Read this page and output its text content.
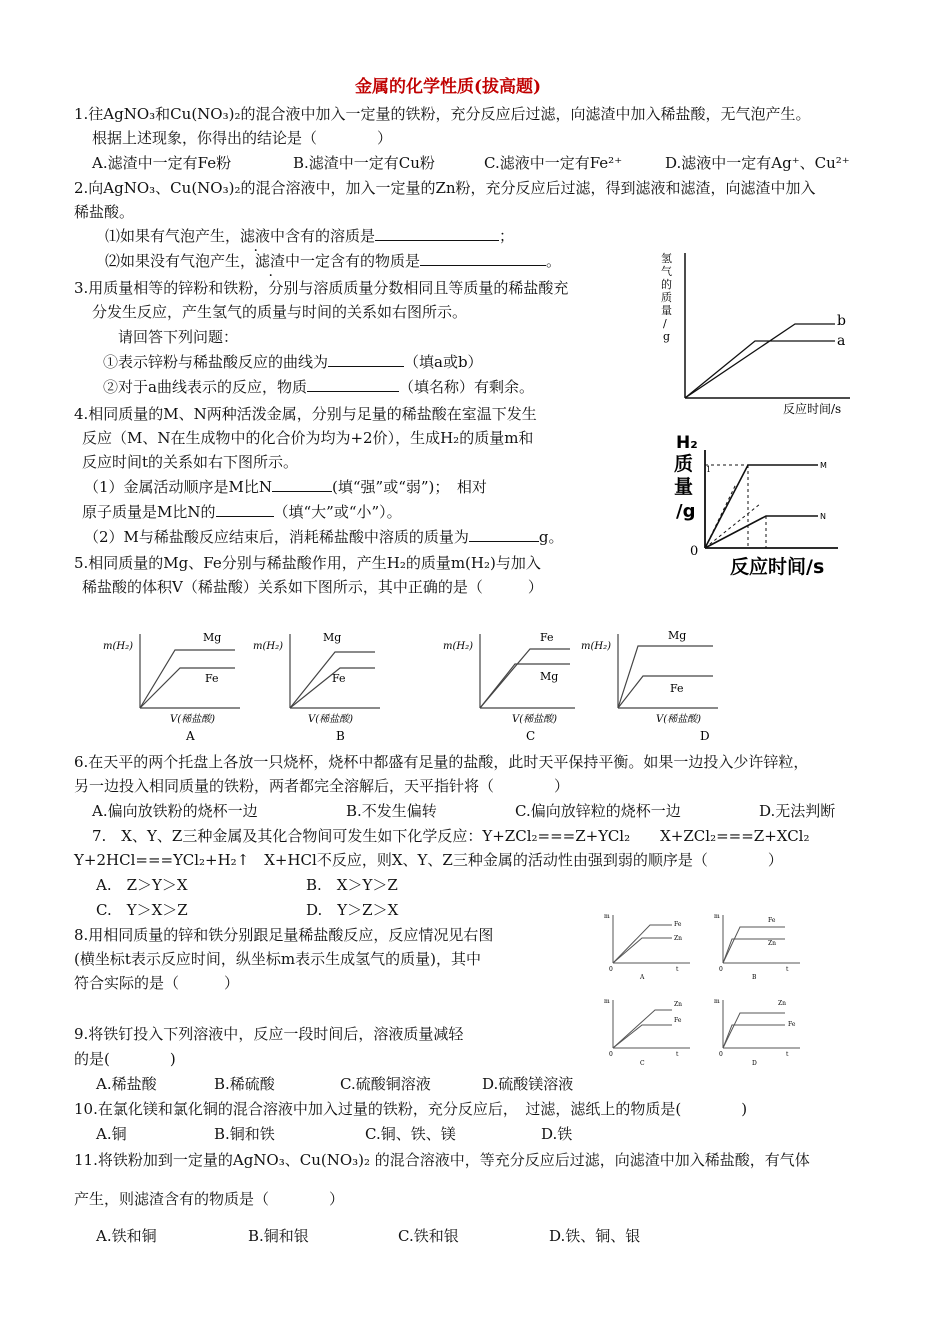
金属的化学性质(拔高题)
1.往AgNO₃和Cu(NO₃)₂的混合液中加入一定量的铁粉，充分反应后过滤，向滤渣中加入稀盐酸，无气泡产生。
根据上述现象，你得出的结论是（　　　　）
A.滤渣中一定有Fe粉	B.滤渣中一定有Cu粉	C.滤液中一定有Fe²⁺	D.滤液中一定有Ag⁺、Cu²⁺
2.向AgNO₃、Cu(NO₃)₂的混合溶液中，加入一定量的Zn粉，充分反应后过滤，得到滤液和滤渣，向滤渣中加入
稀盐酸。
⑴如果有气泡产生，滤液中含有的溶质是	；
⑵如果没有气泡产生，滤渣中一定含有的物质是	。
3.用质量相等的锌粉和铁粉，分别与溶质质量分数相同且等质量的稀盐酸充
分发生反应，产生氢气的质量与时间的关系如右图所示。
请回答下列问题：
①表示锌粉与稀盐酸反应的曲线为	（填a或b）
②对于a曲线表示的反应，物质	（填名称）有剩余。
b
a
氢
气
的
质
量
/
g
反应时间/s
4.相同质量的M、N两种活泼金属，分别与足量的稀盐酸在室温下发生
反应（M、N在生成物中的化合价为均为+2价），生成H₂的质量m和
反应时间t的关系如右下图所示。
（1）金属活动顺序是M比N	(填“强”或“弱”)；　相对
原子质量是M比N的	（填“大”或“小”）。
（2）M与稀盐酸反应结束后，消耗稀盐酸中溶质的质量为	g。
M
N
1
H₂
质
量
/g
0
反应时间/s
5.相同质量的Mg、Fe分别与稀盐酸作用，产生H₂的质量m(H₂)与加入
稀盐酸的体积V（稀盐酸）关系如下图所示，其中正确的是（　　　）
m(H₂)
Mg
Fe
V(稀盐酸)
A
m(H₂)
Mg
Fe
V(稀盐酸)
B
m(H₂)
Fe
Mg
V(稀盐酸)
C
m(H₂)
Mg
Fe
V(稀盐酸)
D
6.在天平的两个托盘上各放一只烧杯，烧杯中都盛有足量的盐酸，此时天平保持平衡。如果一边投入少许锌粒，
另一边投入相同质量的铁粉，两者都完全溶解后，天平指针将（　　　　）
A.偏向放铁粉的烧杯一边	B.不发生偏转	C.偏向放锌粒的烧杯一边	D.无法判断
7.　X、Y、Z三种金属及其化合物间可发生如下化学反应：Y+ZCl₂===Z+YCl₂　　X+ZCl₂===Z+XCl₂
Y+2HCl===YCl₂+H₂↑　X+HCl不反应，则X、Y、Z三种金属的活动性由强到弱的顺序是（　　　　）
A.　Z＞Y＞X	B.　X＞Y＞Z
C.　Y＞X＞Z	D.　Y＞Z＞X
8.用相同质量的锌和铁分别跟足量稀盐酸反应，反应情况见右图
(横坐标t表示反应时间，纵坐标m表示生成氢气的质量)，其中
符合实际的是（　　　）
m
Fe
Zn
0	t
A
m
Fe
Zn
0	t
B
m	Zn
Fe
0	t
C
m	Zn
Fe
0	t
D
9.将铁钉投入下列溶液中，反应一段时间后，溶液质量减轻
的是(　　　　)
A.稀盐酸	B.稀硫酸	C.硫酸铜溶液	D.硫酸镁溶液
10.在氯化镁和氯化铜的混合溶液中加入过量的铁粉，充分反应后，　过滤，滤纸上的物质是(　　　　)
A.铜	B.铜和铁	C.铜、铁、镁	D.铁
11.将铁粉加到一定量的AgNO₃、Cu(NO₃)₂ 的混合溶液中，等充分反应后过滤，向滤渣中加入稀盐酸，有气体
产生，则滤渣含有的物质是（　　　　）
A.铁和铜	B.铜和银	C.铁和银	D.铁、铜、银
